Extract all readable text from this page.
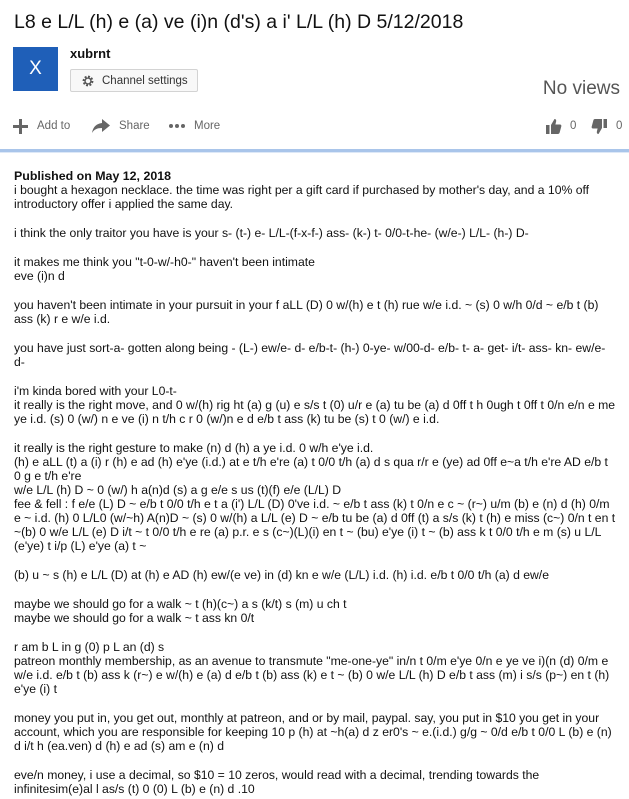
L8 e L/L (h) e (a) ve (i)n (d's) a i' L/L (h) D 5/12/2018
X
xubrnt
Channel settings	No views
Add to	Share	More	0	0
Published on May 12, 2018

i bought a hexagon necklace. the time was right per a gift card if purchased by mother's day, and a 10% off introductory offer i applied the same day.

i think the only traitor you have is your s- (t-) e- L/L-(f-x-f-) ass- (k-) t- 0/0-t-he- (w/e-) L/L- (h-) D-

it makes me think you "t-0-w/-h0-" haven't been intimate
eve (i)n d

you haven't been intimate in your pursuit in your f aLL (D) 0 w/(h) e t (h) rue w/e i.d. ~ (s) 0 w/h 0/d ~ e/b t (b) ass (k) r e w/e i.d.

you have just sort-a- gotten along being - (L-) ew/e- d- e/b-t- (h-) 0-ye- w/00-d- e/b- t- a- get- i/t- ass- kn- ew/e- d-

i'm kinda bored with your L0-t-
it really is the right move, and 0 w/(h) rig ht (a) g (u) e s/s t (0) u/r e (a) tu be (a) d 0ff t h 0ugh t 0ff t 0/n e/n e me ye i.d. (s) 0 (w/) n e ve (i) n t/h c r 0 (w/)n e d e/b t ass (k) tu be (s) t 0 (w/) e i.d.

it really is the right gesture to make (n) d (h) a ye i.d. 0 w/h e'ye i.d.
(h) e aLL (t) a (i) r (h) e ad (h) e'ye (i.d.) at e t/h e're (a) t 0/0 t/h (a) d s qua r/r e (ye) ad 0ff e~a t/h e're AD e/b t 0 g e t/h e're
w/e L/L (h) D ~ 0 (w/) h a(n)d (s) a g e/e s us (t)(f) e/e (L/L) D
fee & fell : f e/e (L) D ~ e/b t 0/0 t/h e t a (i') L/L (D) 0've i.d. ~ e/b t ass (k) t 0/n e c ~ (r~) u/m (b) e (n) d (h) 0/m e ~ i.d. (h) 0 L/L0 (w/~h) A(n)D ~ (s) 0 w/(h) a L/L (e) D ~ e/b tu be (a) d 0ff (t) a s/s (k) t (h) e miss (c~) 0/n t en t ~(b) 0 w/e L/L (e) D i/t ~ t 0/0 t/h e re (a) p.r. e s (c~)(L)(i) en t ~ (bu) e'ye (i) t ~ (b) ass k t 0/0 t/h e m (s) u L/L (e'ye) t i/p (L) e'ye (a) t ~

(b) u ~ s (h) e L/L (D) at (h) e AD (h) ew/(e ve) in (d) kn e w/e (L/L) i.d. (h) i.d. e/b t 0/0 t/h (a) d ew/e

maybe we should go for a walk ~ t (h)(c~) a s (k/t) s (m) u ch t
maybe we should go for a walk ~ t ass kn 0/t

r am b L in g (0) p L an (d) s
patreon monthly membership, as an avenue to transmute "me-one-ye" in/n t 0/m e'ye 0/n e ye ve i)(n (d) 0/m e w/e i.d. e/b t (b) ass k (r~) e w/(h) e (a) d e/b t (b) ass (k) e t ~ (b) 0 w/e L/L (h) D e/b t ass (m) i s/s (p~) en t (h) e'ye (i) t

money you put in, you get out, monthly at patreon, and or by mail, paypal. say, you put in $10 you get in your account, which you are responsible for keeping 10 p (h) at ~h(a) d z er0's ~ e.(i.d.) g/g ~ 0/d e/b t 0/0 L (b) e (n) d i/t h (ea.ven) d (h) e ad (s) am e (n) d

eve/n money, i use a decimal, so $10 = 10 zeros, would read with a decimal, trending towards the infinitesim(e)al l as/s (t) 0 (0) L (b) e (n) d .10
